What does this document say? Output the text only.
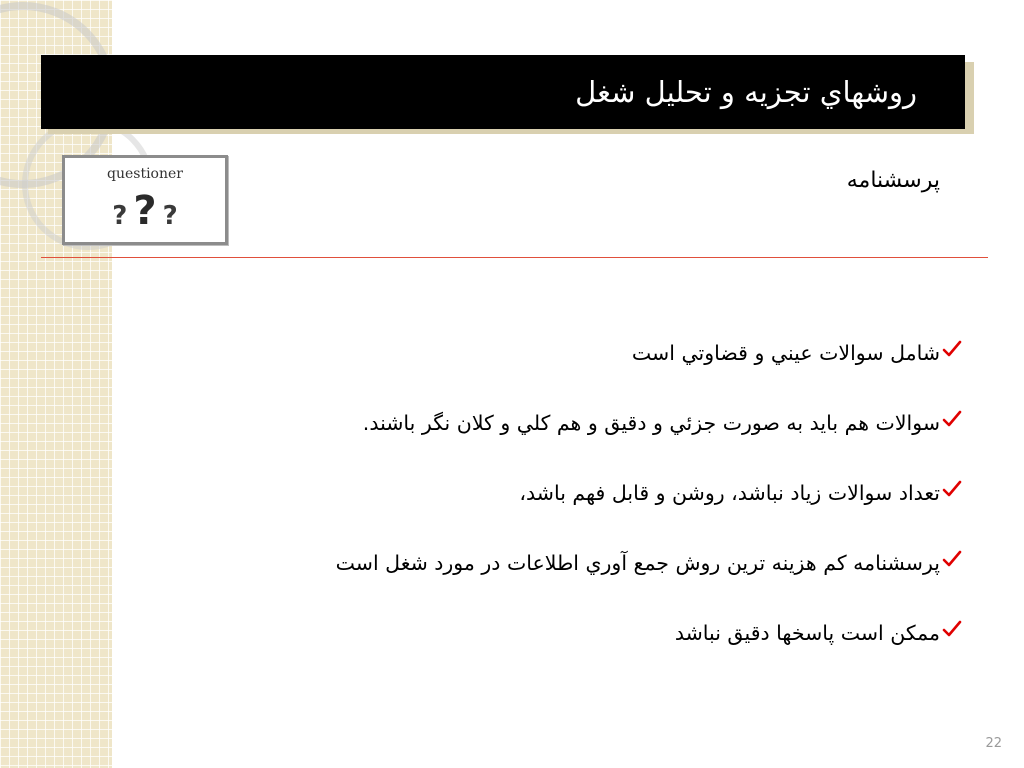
روشهاي تجزيه و تحليل شغل
questioner
? ? ?
پرسشنامه
شامل سوالات عيني و قضاوتي است
سوالات هم بايد به صورت جزئي و دقيق و هم كلي و كلان نگر باشند.
تعداد سوالات زياد نباشد، روشن و قابل فهم باشد،
پرسشنامه كم هزينه ترين روش جمع آوري اطلاعات در مورد شغل است
ممكن است پاسخها دقيق نباشد
22
